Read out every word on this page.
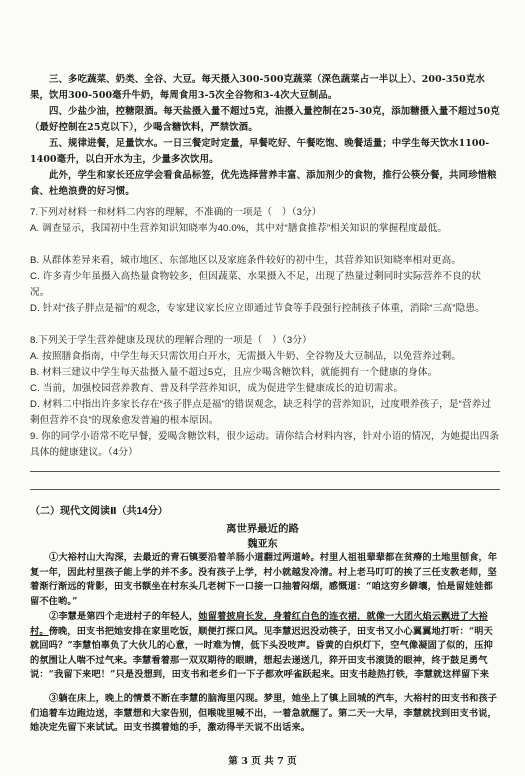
三、多吃蔬菜、奶类、全谷、大豆。每天摄入300-500克蔬菜（深色蔬菜占一半以上）、200-350克水果，饮用300-500毫升牛奶，每周食用3-5次全谷物和3-4次大豆制品。

四、少盐少油，控糖限酒。每天盐摄入量不超过5克，油摄入量控制在25-30克，添加糖摄入量不超过50克（最好控制在25克以下），少喝含糖饮料，严禁饮酒。

五、规律进餐，足量饮水。一日三餐定时定量，早餐吃好、午餐吃饱、晚餐适量；中学生每天饮水1100-1400毫升，以白开水为主，少量多次饮用。

此外，学生和家长还应学会看食品标签，优先选择营养丰富、添加剂少的食物，推行公筷分餐，共同珍惜粮食、杜绝浪费的好习惯。

7.下列对材料一和材料二内容的理解，不准确的一项是（　）（3分）

A. 调查显示，我国初中生营养知识知晓率为40.0%，其中对“膳食推荐”相关知识的掌握程度最低。

B. 从群体差异来看，城市地区、东部地区以及家庭条件较好的初中生，其营养知识知晓率相对更高。

C. 许多青少年虽摄入高热量食物较多，但因蔬菜、水果摄入不足，出现了热量过剩同时实际营养不良的状况。

D. 针对“孩子胖点是福”的观念，专家建议家长应立即通过节食等手段强行控制孩子体重，消除“三高”隐患。

8.下列关于学生营养健康及现状的理解合理的一项是（　）（3分）

A. 按照膳食指南，中学生每天只需饮用白开水，无需摄入牛奶、全谷物及大豆制品，以免营养过剩。

B. 材料三建议中学生每天盐摄入量不超过5克，且应少喝含糖饮料，就能拥有一个健康的身体。

C. 当前，加强校园营养教育、普及科学营养知识，成为促进学生健康成长的迫切需求。

D. 材料二中指出许多家长存在“孩子胖点是福”的错误观念，缺乏科学的营养知识，过度喂养孩子，是“营养过剩但营养不良”的现象愈发普遍的根本原因。

9. 你的同学小语常不吃早餐，爱喝含糖饮料，很少运动。请你结合材料内容，针对小语的情况，为她提出四条具体的健康建议。（4分）

（二）现代文阅读Ⅱ（共14分）
离世界最近的路
魏亚东

①大裕村山大沟深，去最近的青石镇要沿着羊肠小道翻过两道岭。村里人祖祖辈辈都在贫瘠的土地里刨食，年复一年，因此村里孩子能上学的并不多。没有孩子上学，村小就越发冷清。村上老马叮叮的挨了三任支教老师，坚着渐行渐远的背影，田支书额坐在村东头几老树下一口接一口抽着闷烟，感慨道：“咱这穷乡僻壤，怕是留娃娃都留不住哟。”

②李慧是第四个走进村子的年轻人，她留着披肩长发，身着红白色的连衣裙，就像一大团火焰云飘进了大裕村。傍晚，田支书把她安排在家里吃饭，顺便打探口风。见李慧迟迟没动筷子，田支书又小心翼翼地打听：“明天就回吗？”李慧怕辜负了大伙儿的心意，一时难为情，低下头没吱声。昏黄的白炽灯下，空气像凝固了似的，压抑的氛围让人喘不过气来。李慧看着那一双双期待的眼睛，想起去递送几，猝开田支书滚烫的眼神，终于鼓足勇气说：“我留下来吧！”只是没想到，田支书和老乡们一下子都欢呼雀跃起来。田支书趁热打铁，李慧就这样留下来

③躺在床上，晚上的情景不断在李慧的脑海里闪现。梦里，她坐上了镇上回城的汽车，大裕村的田支书和孩子们追着车边跑边送，李慧想和大家告别，但喉咙里喊不出，一着急就醒了。第二天一大早，李慧就找到田支书说，她决定先留下来试试。田支书摸着她的手，激动得半天说不出话来。

第 3 页 共 7 页
